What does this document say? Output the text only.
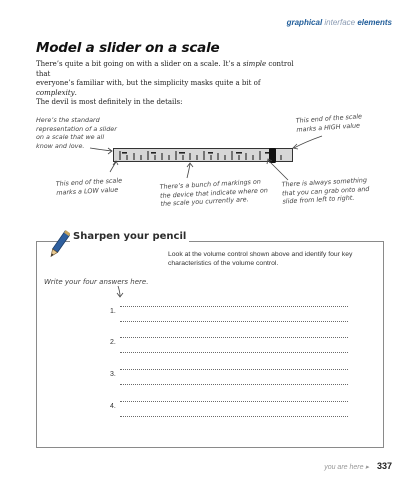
graphical interface elements
Model a slider on a scale
There’s quite a bit going on with a slider on a scale. It’s a simple control that
everyone’s familiar with, but the simplicity masks quite a bit of complexity.
The devil is most definitely in the details:
Here’s the standard representation of a slider on a scale that we all know and love.
This end of the scale marks a HIGH value
This end of the scale marks a LOW value	There’s a bunch of markings on the device that indicate where on the scale you currently are.
There is always something that you can grab onto and slide from left to right.
Sharpen your pencil
Look at the volume control shown above and identify four key characteristics of the volume control.
Write your four answers here.
1.
2.
3.
4.
you are here ▸ 337
